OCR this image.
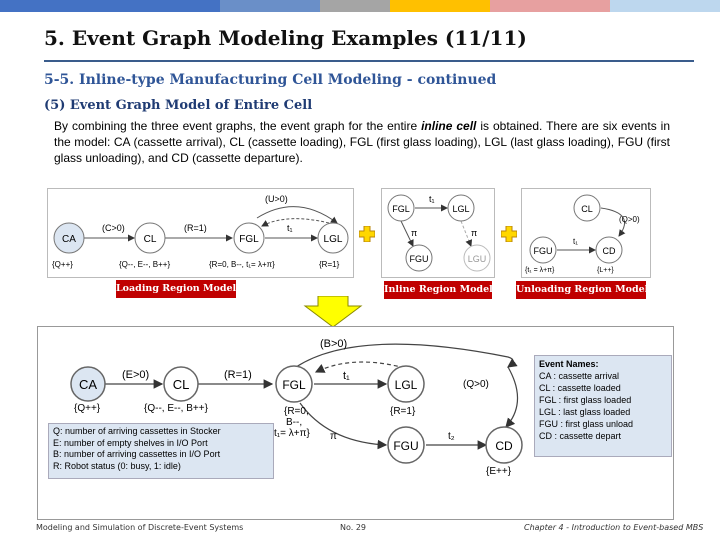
5. Event Graph Modeling Examples (11/11)
5-5. Inline-type Manufacturing Cell Modeling - continued
(5) Event Graph Model of Entire Cell
By combining the three event graphs, the event graph for the entire inline cell is obtained. There are six events in the model: CA (cassette arrival), CL (cassette loading), FGL (first glass loading), LGL (last glass loading), FGU (first glass unloading), and CD (cassette departure).
(U>0)
CA	CL	FGL	LGL
(C>0)	(R=1)	t₁
{Q++}	{Q--, E--, B++}	{R=0, B--, t₁= λ+π}	{R=1}
FGL	LGL
FGU	LGU
t₁
π	π
CL
FGU	CD
(Q>0)
t₁
{t₁ = λ+π}	{L++}
Loading Region Model	Inline Region Model Unloading Region Model
CA	CL	FGL	LGL
FGU	CD
(B>0)
(E>0)	(R=1)	t₁
(Q>0)
π	t₂
{Q++}	{Q--, E--, B++}	{R=0,
B--,
t₁= λ+π}
{R=1}
{E++}
Q: number of arriving cassettes in Stocker
E: number of empty shelves in I/O Port
B: number of arriving cassettes in I/O Port
R: Robot status (0: busy, 1: idle)
Event Names:
CA : cassette arrival
CL : cassette loaded
FGL : first glass loaded
LGL : last glass loaded
FGU : first glass unload
CD : cassette depart
Modeling and Simulation of Discrete-Event Systems	No. 29	Chapter 4 - Introduction to Event-based MBS
